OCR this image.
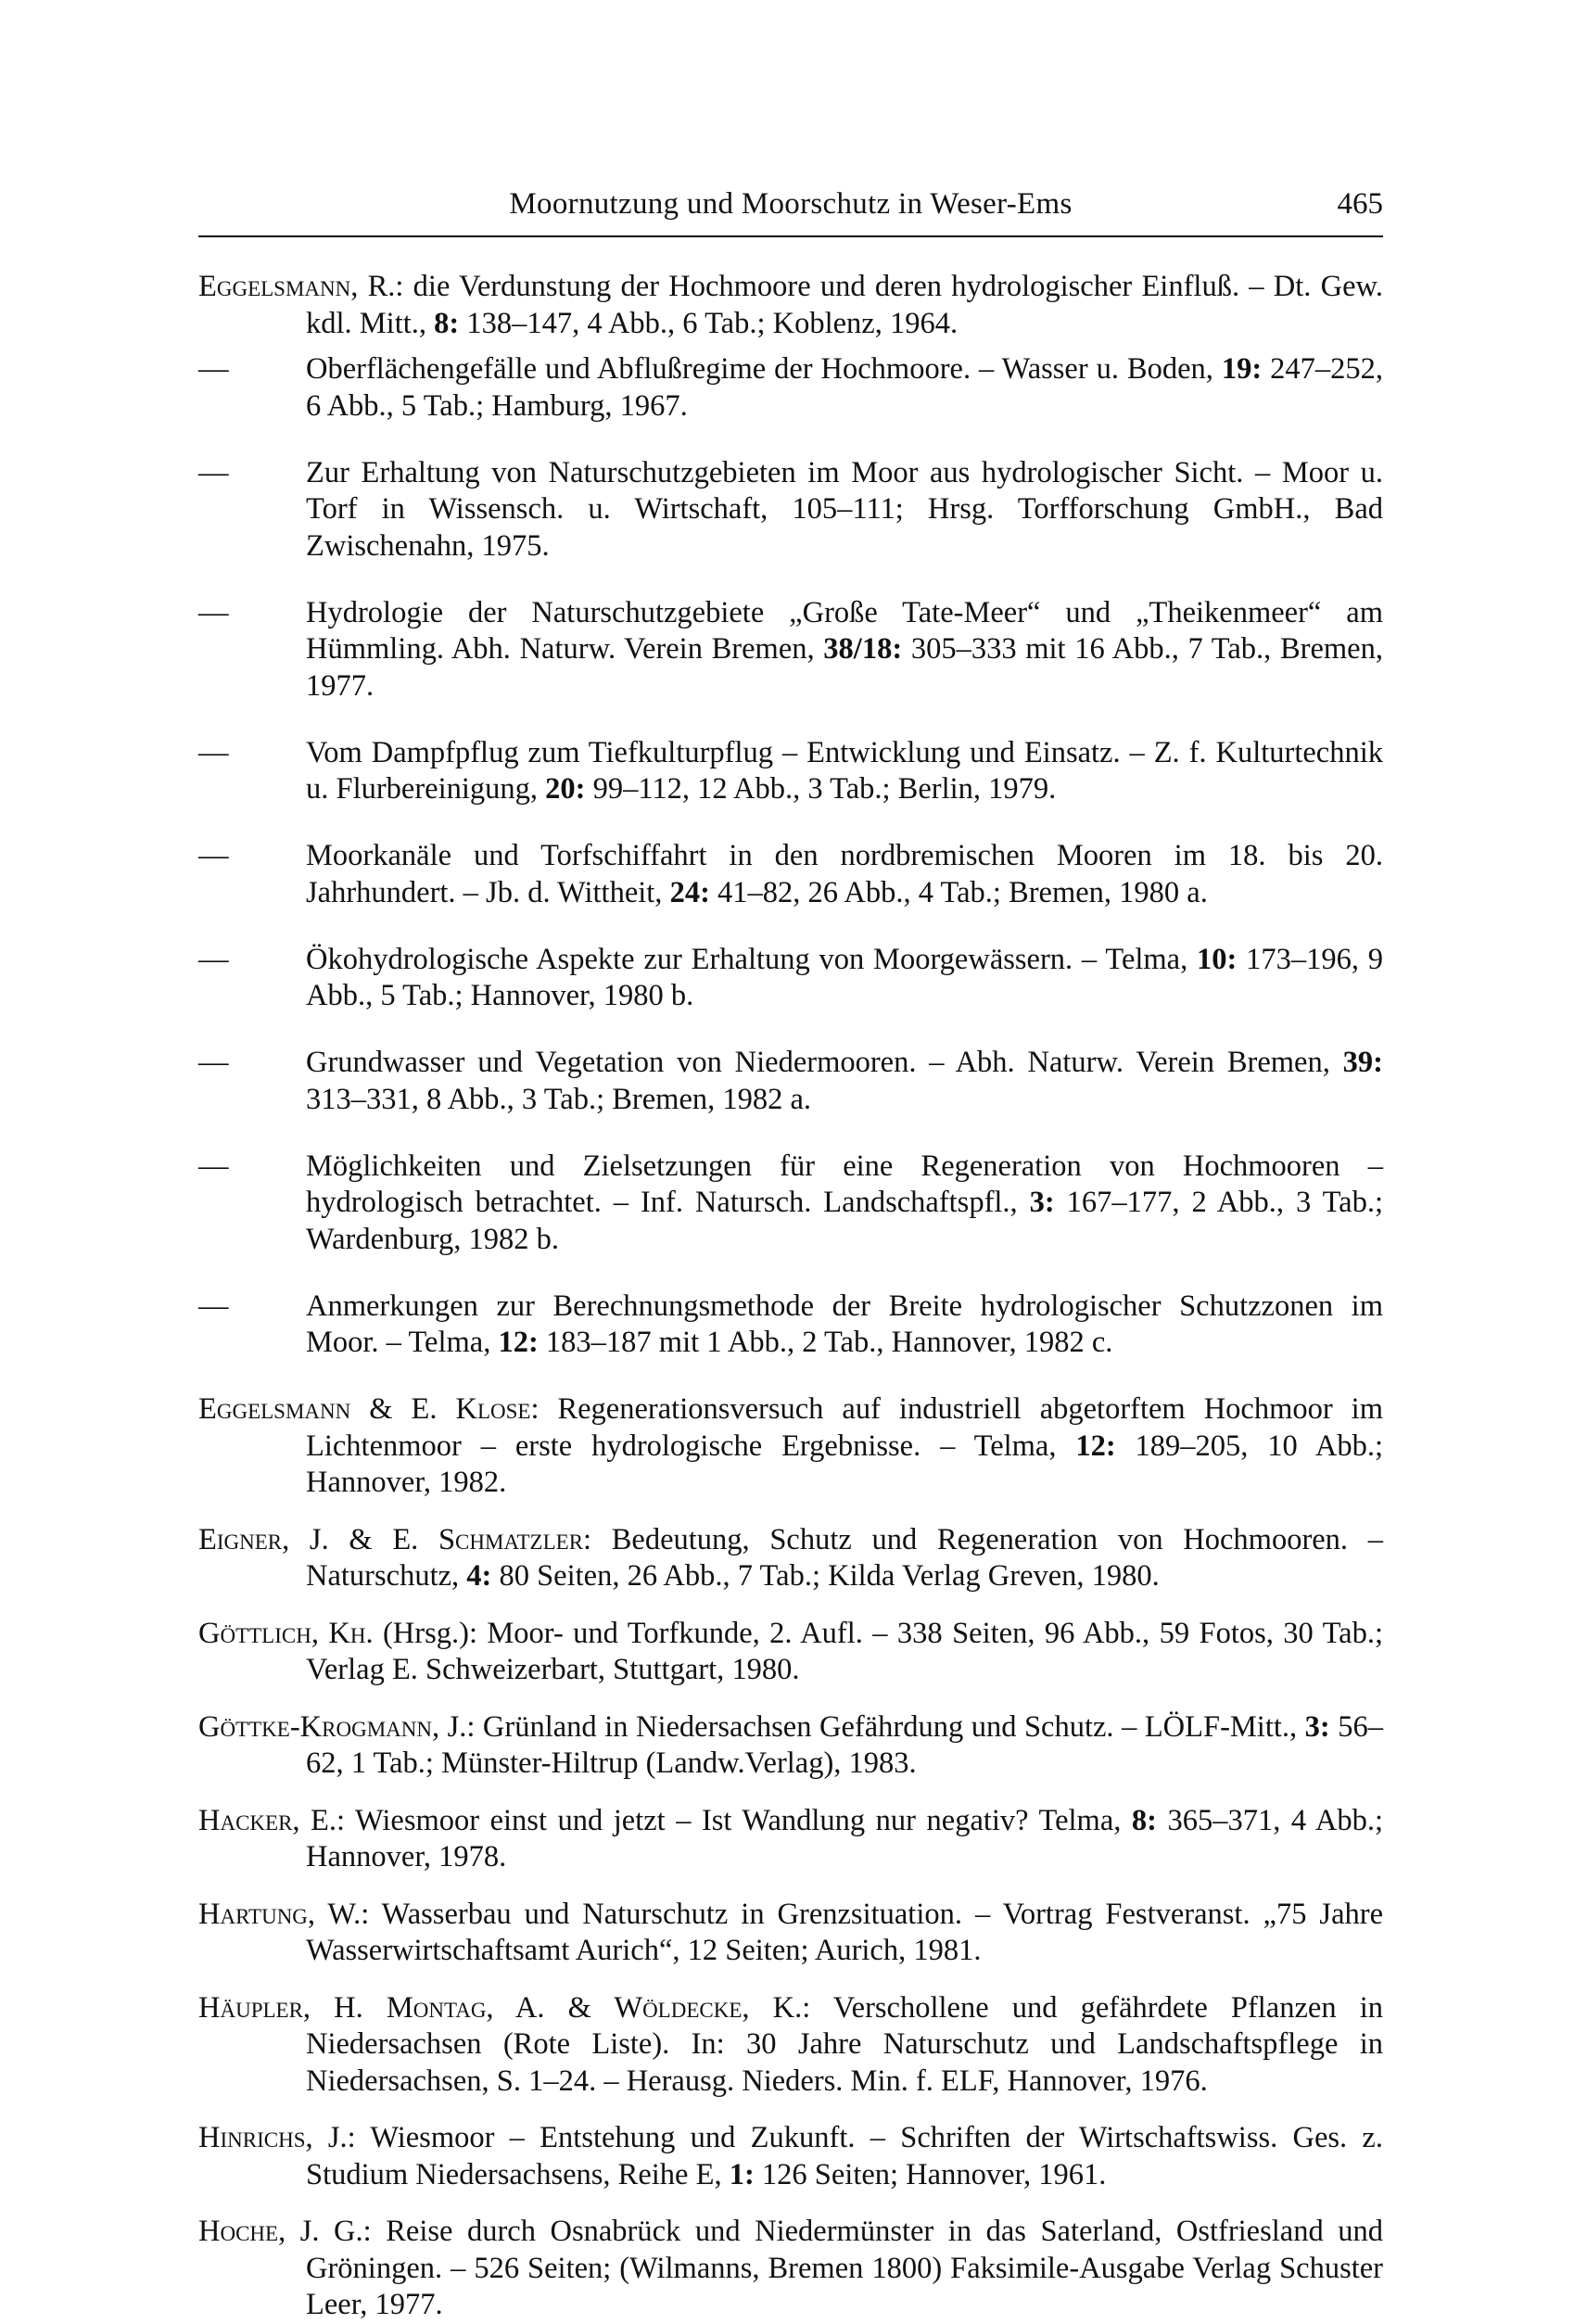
Moornutzung und Moorschutz in Weser-Ems	465

Eggelsmann, R.: die Verdunstung der Hochmoore und deren hydrologischer Einfluß. – Dt. Gew. kdl. Mitt., 8: 138–147, 4 Abb., 6 Tab.; Koblenz, 1964.

—	Oberflächengefälle und Abflußregime der Hochmoore. – Wasser u. Boden, 19: 247–252, 6 Abb., 5 Tab.; Hamburg, 1967.

—	Zur Erhaltung von Naturschutzgebieten im Moor aus hydrologischer Sicht. – Moor u. Torf in Wissensch. u. Wirtschaft, 105–111; Hrsg. Torfforschung GmbH., Bad Zwischenahn, 1975.

—	Hydrologie der Naturschutzgebiete „Große Tate-Meer“ und „Theikenmeer“ am Hümmling. Abh. Naturw. Verein Bremen, 38/18: 305–333 mit 16 Abb., 7 Tab., Bremen, 1977.

—	Vom Dampfpflug zum Tiefkulturpflug – Entwicklung und Einsatz. – Z. f. Kulturtechnik u. Flurbereinigung, 20: 99–112, 12 Abb., 3 Tab.; Berlin, 1979.

—	Moorkanäle und Torfschiffahrt in den nordbremischen Mooren im 18. bis 20. Jahrhundert. – Jb. d. Wittheit, 24: 41–82, 26 Abb., 4 Tab.; Bremen, 1980 a.

—	Ökohydrologische Aspekte zur Erhaltung von Moorgewässern. – Telma, 10: 173–196, 9 Abb., 5 Tab.; Hannover, 1980 b.

—	Grundwasser und Vegetation von Niedermooren. – Abh. Naturw. Verein Bremen, 39: 313–331, 8 Abb., 3 Tab.; Bremen, 1982 a.

—	Möglichkeiten und Zielsetzungen für eine Regeneration von Hochmooren – hydrologisch betrachtet. – Inf. Natursch. Landschaftspfl., 3: 167–177, 2 Abb., 3 Tab.; Wardenburg, 1982 b.

—	Anmerkungen zur Berechnungsmethode der Breite hydrologischer Schutzzonen im Moor. – Telma, 12: 183–187 mit 1 Abb., 2 Tab., Hannover, 1982 c.

Eggelsmann & E. Klose: Regenerationsversuch auf industriell abgetorftem Hochmoor im Lichtenmoor – erste hydrologische Ergebnisse. – Telma, 12: 189–205, 10 Abb.; Hannover, 1982.

Eigner, J. & E. Schmatzler: Bedeutung, Schutz und Regeneration von Hochmooren. – Naturschutz, 4: 80 Seiten, 26 Abb., 7 Tab.; Kilda Verlag Greven, 1980.

Göttlich, Kh. (Hrsg.): Moor- und Torfkunde, 2. Aufl. – 338 Seiten, 96 Abb., 59 Fotos, 30 Tab.; Verlag E. Schweizerbart, Stuttgart, 1980.

Göttke-Krogmann, J.: Grünland in Niedersachsen Gefährdung und Schutz. – LÖLF-Mitt., 3: 56–62, 1 Tab.; Münster-Hiltrup (Landw.Verlag), 1983.

Hacker, E.: Wiesmoor einst und jetzt – Ist Wandlung nur negativ? Telma, 8: 365–371, 4 Abb.; Hannover, 1978.

Hartung, W.: Wasserbau und Naturschutz in Grenzsituation. – Vortrag Festveranst. „75 Jahre Wasserwirtschaftsamt Aurich“, 12 Seiten; Aurich, 1981.

Häupler, H. Montag, A. & Wöldecke, K.: Verschollene und gefährdete Pflanzen in Niedersachsen (Rote Liste). In: 30 Jahre Naturschutz und Landschaftspflege in Niedersachsen, S. 1–24. – Herausg. Nieders. Min. f. ELF, Hannover, 1976.

Hinrichs, J.: Wiesmoor – Entstehung und Zukunft. – Schriften der Wirtschaftswiss. Ges. z. Studium Niedersachsens, Reihe E, 1: 126 Seiten; Hannover, 1961.

Hoche, J. G.: Reise durch Osnabrück und Niedermünster in das Saterland, Ostfriesland und Gröningen. – 526 Seiten; (Wilmanns, Bremen 1800) Faksimile-Ausgabe Verlag Schuster Leer, 1977.
